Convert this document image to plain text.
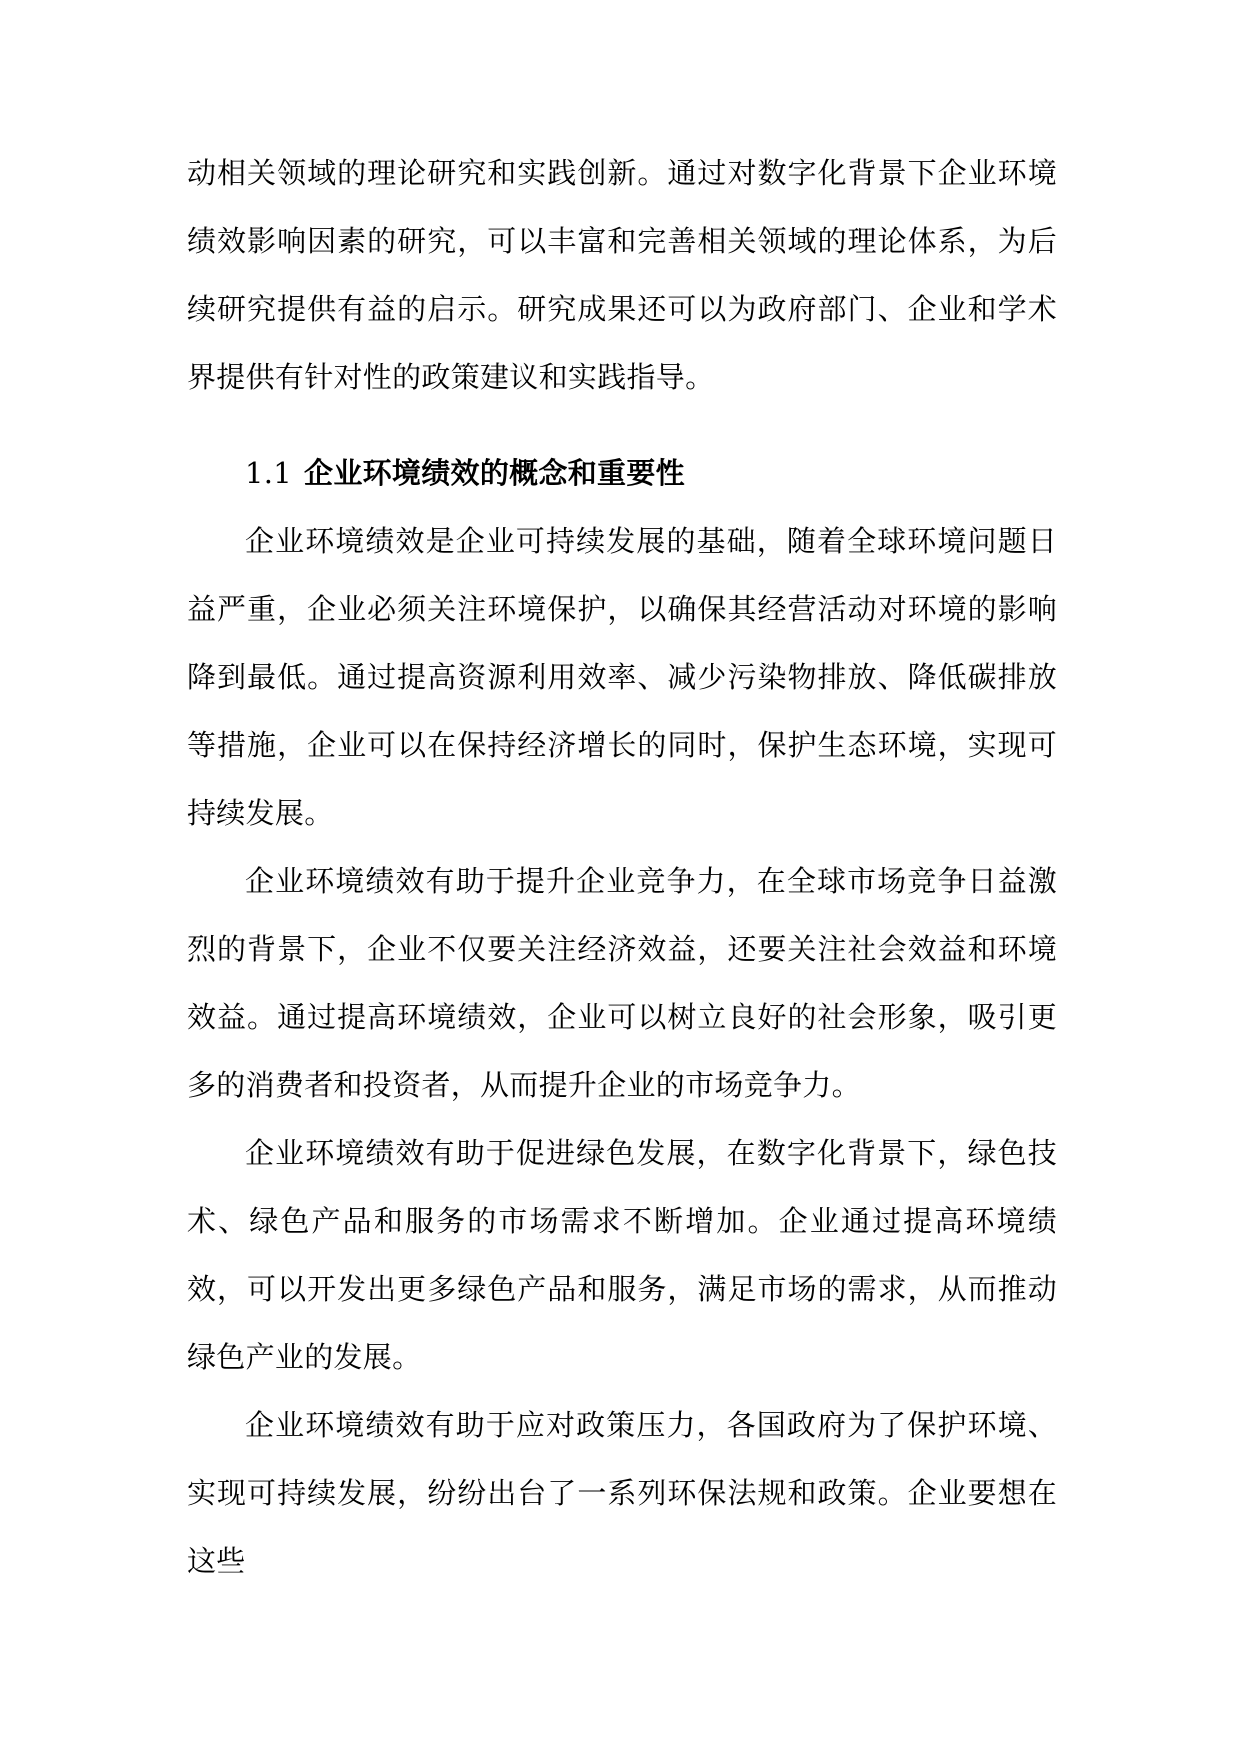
动相关领域的理论研究和实践创新。通过对数字化背景下企业环境绩效影响因素的研究，可以丰富和完善相关领域的理论体系，为后续研究提供有益的启示。研究成果还可以为政府部门、企业和学术界提供有针对性的政策建议和实践指导。

1.1 企业环境绩效的概念和重要性

企业环境绩效是企业可持续发展的基础，随着全球环境问题日益严重，企业必须关注环境保护，以确保其经营活动对环境的影响降到最低。通过提高资源利用效率、减少污染物排放、降低碳排放等措施，企业可以在保持经济增长的同时，保护生态环境，实现可持续发展。

企业环境绩效有助于提升企业竞争力，在全球市场竞争日益激烈的背景下，企业不仅要关注经济效益，还要关注社会效益和环境效益。通过提高环境绩效，企业可以树立良好的社会形象，吸引更多的消费者和投资者，从而提升企业的市场竞争力。

企业环境绩效有助于促进绿色发展，在数字化背景下，绿色技术、绿色产品和服务的市场需求不断增加。企业通过提高环境绩效，可以开发出更多绿色产品和服务，满足市场的需求，从而推动绿色产业的发展。

企业环境绩效有助于应对政策压力，各国政府为了保护环境、实现可持续发展，纷纷出台了一系列环保法规和政策。企业要想在这些
